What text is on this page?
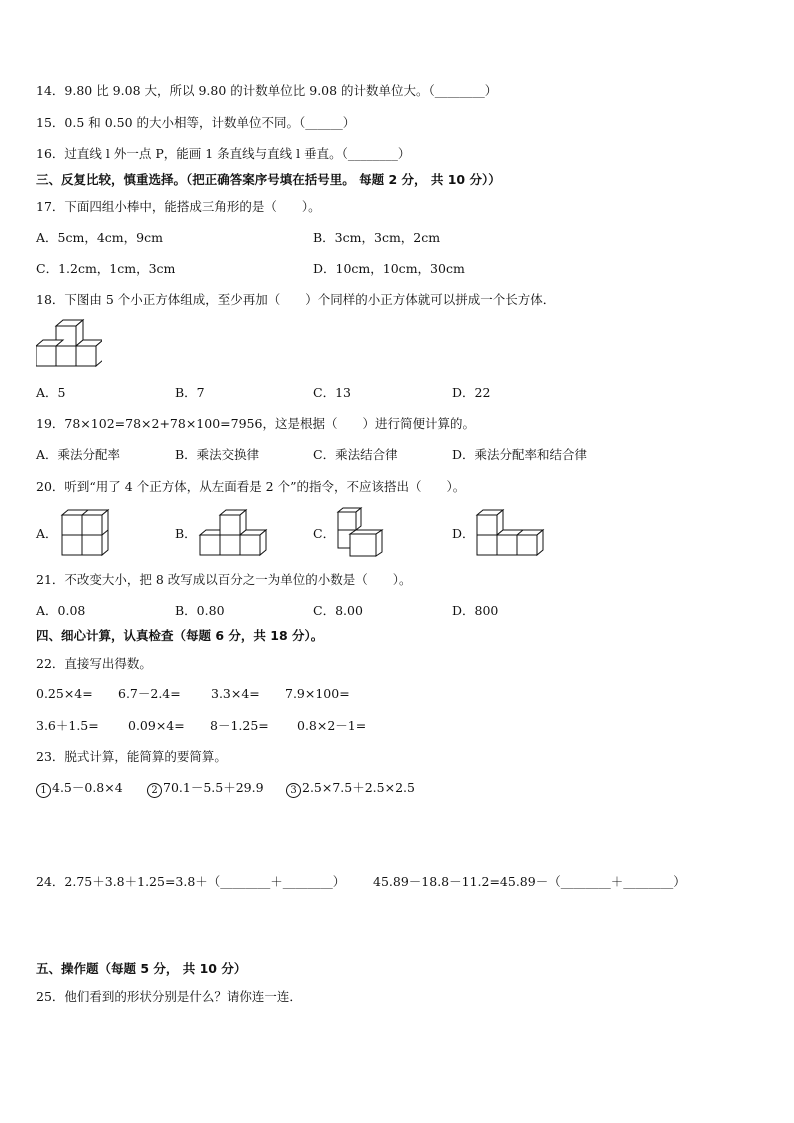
14．9.80 比 9.08 大，所以 9.80 的计数单位比 9.08 的计数单位大。（________）
15．0.5 和 0.50 的大小相等，计数单位不同。（______）
16．过直线 l 外一点 P，能画 1 条直线与直线 l 垂直。（________）
三、反复比较，慎重选择。（把正确答案序号填在括号里。 每题 2 分， 共 10 分））
17．下面四组小棒中，能搭成三角形的是（　　）。
A．5cm，4cm，9cm	B．3cm，3cm，2cm
C．1.2cm，1cm，3cm	D．10cm，10cm，30cm
18．下图由 5 个小正方体组成，至少再加（　　）个同样的小正方体就可以拼成一个长方体．
A．5	B．7	C．13	D．22
19．78×102=78×2+78×100=7956，这是根据（　　）进行简便计算的。
A．乘法分配率	B．乘法交换律	C．乘法结合律	D．乘法分配率和结合律
20．听到“用了 4 个正方体，从左面看是 2 个”的指令，不应该搭出（　　）。
A．	B．	C．	D．
21．不改变大小，把 8 改写成以百分之一为单位的小数是（　　）。
A．0.08	B．0.80	C．8.00	D．800
四、细心计算，认真检查（每题 6 分，共 18 分）。
22．直接写出得数。
0.25×4= 6.7－2.4= 3.3×4= 7.9×100=
3.6＋1.5= 0.09×4= 8－1.25= 0.8×2－1=
23．脱式计算，能简算的要简算。
1 4.5－0.8×4	2 70.1－5.5＋29.9	3 2.5×7.5＋2.5×2.5
24．2.75＋3.8＋1.25=3.8＋（________＋________） 45.89－18.8－11.2=45.89－（________＋________）
五、操作题（每题 5 分， 共 10 分）
25．他们看到的形状分别是什么？请你连一连．
